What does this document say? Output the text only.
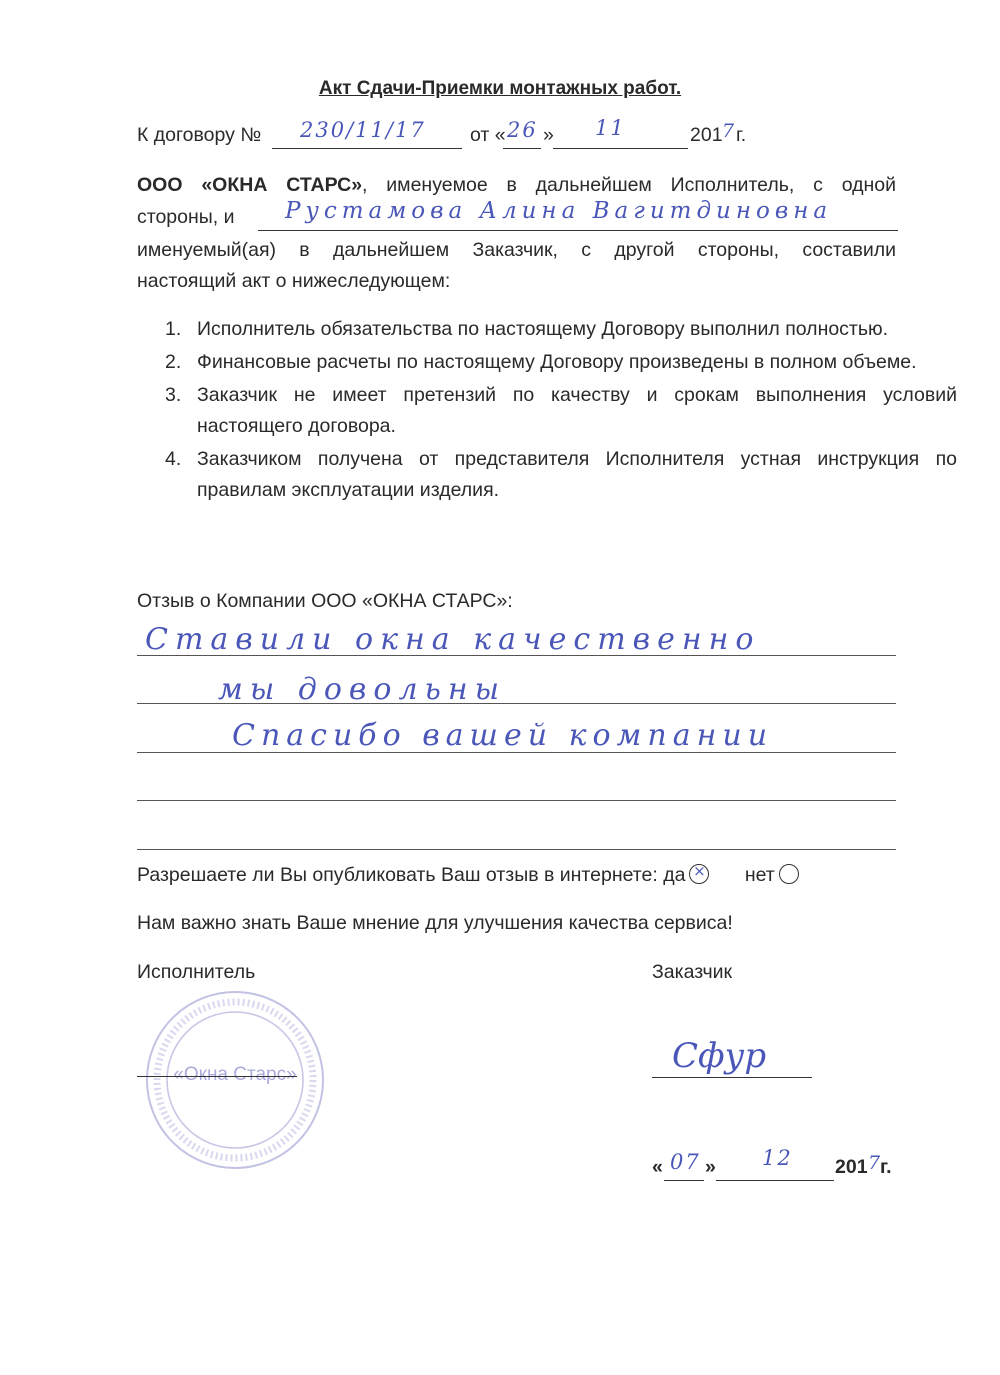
Акт Сдачи-Приемки монтажных работ.
К договору № 230/11/17 от « 26 » 11	201 7 г.
ООО «ОКНА СТАРС», именуемое в дальнейшем Исполнитель, с одной
стороны, и Рустамова Алина Вагитдиновна
именуемый(ая) в дальнейшем Заказчик, с другой стороны, составили
настоящий акт о нижеследующем:
1. Исполнитель обязательства по настоящему Договору выполнил полностью.
2. Финансовые расчеты по настоящему Договору произведены в полном объеме.
3. Заказчик не имеет претензий по качеству и срокам выполнения условий настоящего договора.
4. Заказчиком получена от представителя Исполнителя устная инструкция по правилам эксплуатации изделия.
Отзыв о Компании ООО «ОКНА СТАРС»:
Ставили окна качественно
мы довольны
Спасибо вашей компании
Разрешаете ли Вы опубликовать Ваш отзыв в интернете: да × нет
Нам важно знать Ваше мнение для улучшения качества сервиса!
Исполнитель	Заказчик
«Окна Старс»	Сфур
« 07 » 12 201 7
г.
